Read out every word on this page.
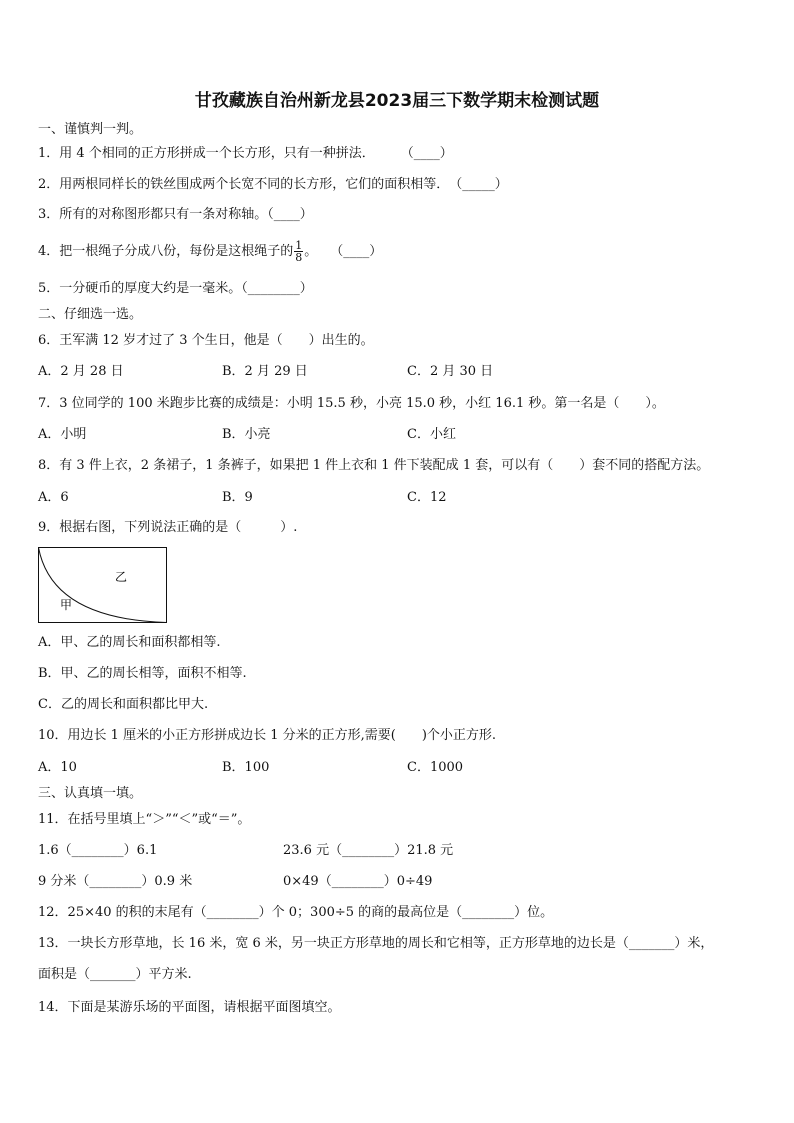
甘孜藏族自治州新龙县2023届三下数学期末检测试题
一、谨慎判一判。
1．用 4 个相同的正方形拼成一个长方形，只有一种拼法．　　　（____）
2．用两根同样长的铁丝围成两个长宽不同的长方形，它们的面积相等．　（_____）
3．所有的对称图形都只有一条对称轴。（____）
4．把一根绳子分成八份，每份是这根绳子的 $\frac{1}{8}$ 。　　（____）
5．一分硬币的厚度大约是一毫米。（________）
二、仔细选一选。
6．王军满 12 岁才过了 3 个生日，他是（　　）出生的。
A．2 月 28 日	B．2 月 29 日	C．2 月 30 日
7．3 位同学的 100 米跑步比赛的成绩是：小明 15.5 秒，小亮 15.0 秒，小红 16.1 秒。第一名是（　　）。
A．小明	B．小亮	C．小红
8．有 3 件上衣，2 条裙子，1 条裤子，如果把 1 件上衣和 1 件下装配成 1 套，可以有（　　）套不同的搭配方法。
A．6	B．9	C．12
9．根据右图，下列说法正确的是（　　　）.
乙
甲
A．甲、乙的周长和面积都相等.
B．甲、乙的周长相等，面积不相等.
C．乙的周长和面积都比甲大.
10．用边长 1 厘米的小正方形拼成边长 1 分米的正方形,需要(　　)个小正方形.
A．10	B．100	C．1000
三、认真填一填。
11．在括号里填上“＞”“＜”或“＝”。
1.6（________）6.1	23.6 元（________）21.8 元
9 分米（________）0.9 米	0×49（________）0÷49
12．25×40 的积的末尾有（________）个 0；300÷5 的商的最高位是（________）位。
13．一块长方形草地，长 16 米，宽 6 米，另一块正方形草地的周长和它相等，正方形草地的边长是（_______）米，
面积是（_______）平方米.
14．下面是某游乐场的平面图，请根据平面图填空。
